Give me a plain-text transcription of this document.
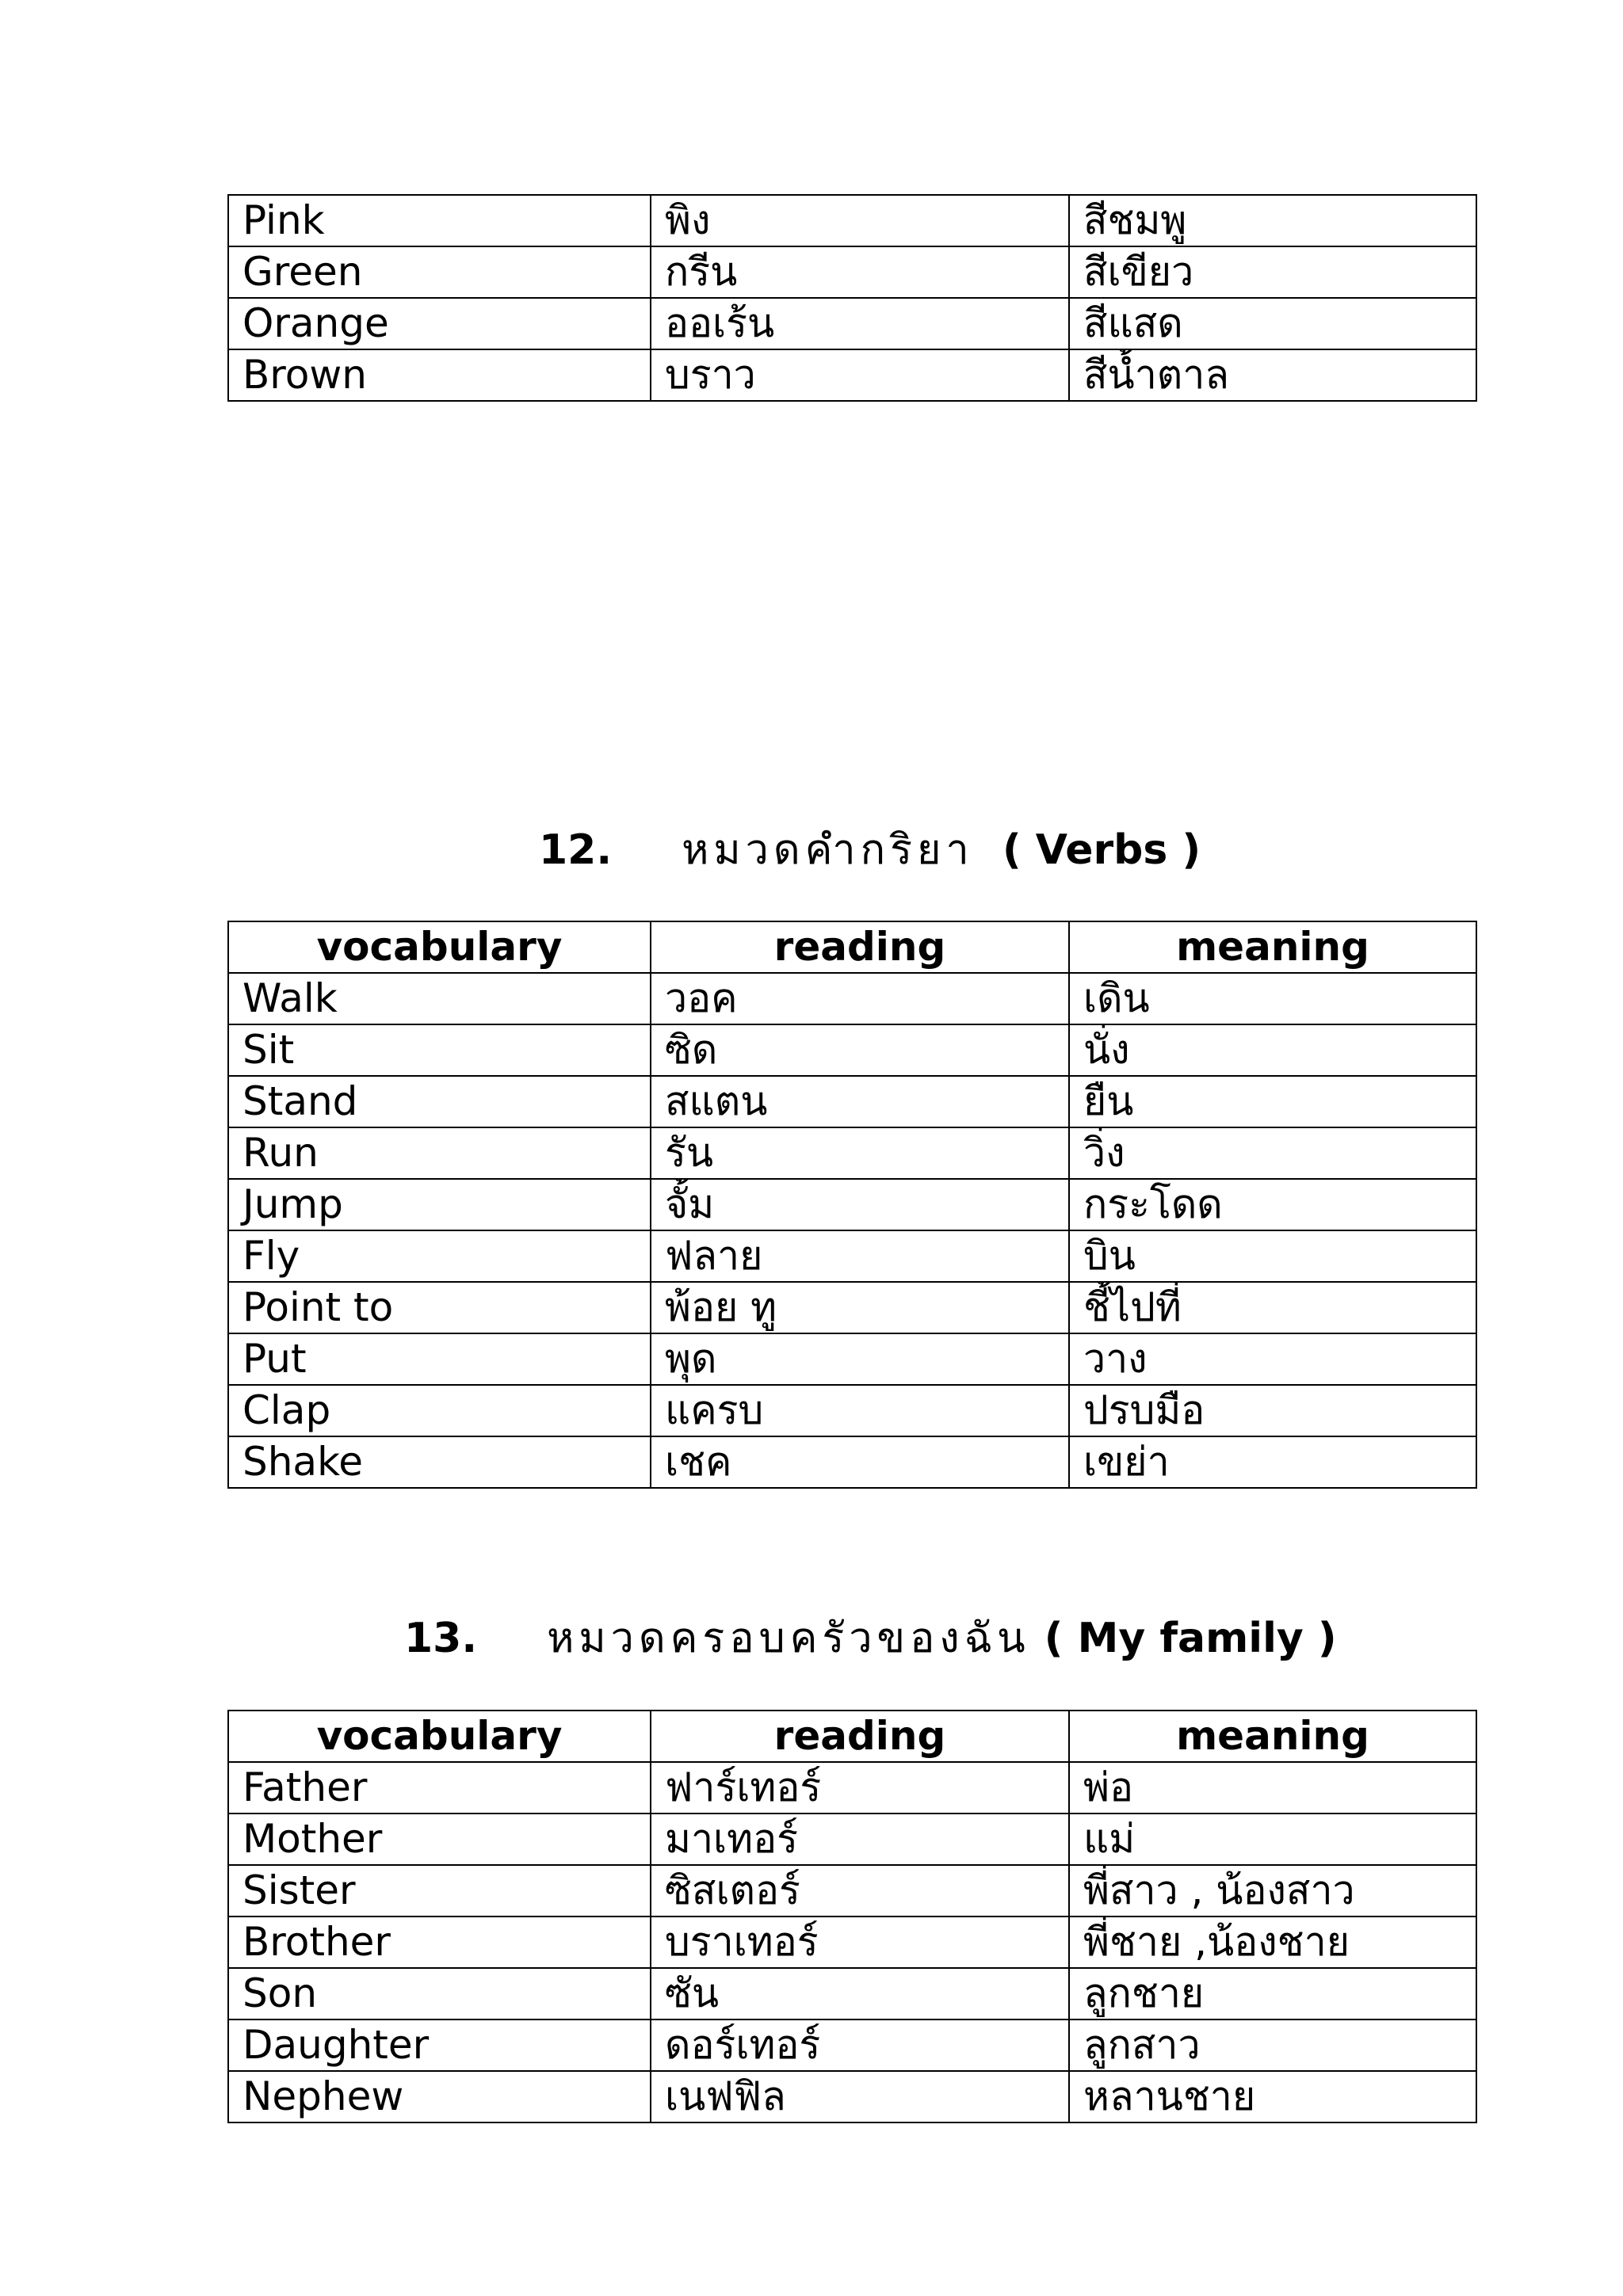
Pink	พิง	สีชมพู
Green	กรีน	สีเขียว
Orange	ออเร้น	สีแสด
Brown	บราว	สีน้ำตาล
12. หมวดคำกริยา ( Verbs )
vocabulary	reading	meaning
Walk	วอค	เดิน
Sit	ซิด	นั่ง
Stand	สแตน	ยืน
Run	รัน	วิ่ง
Jump	จั้ม	กระโดด
Fly	ฟลาย	บิน
Point to	พ้อย ทู	ชี้ไปที่
Put	พุด	วาง
Clap	แครบ	ปรบมือ
Shake	เชค	เขย่า
13. หมวดครอบครัวของฉัน ( My family )
vocabulary	reading	meaning
Father	ฟาร์เทอร์	พ่อ
Mother	มาเทอร์	แม่
Sister	ซิสเตอร์	พี่สาว , น้องสาว
Brother	บราเทอร์	พี่ชาย ,น้องชาย
Son	ซัน	ลูกชาย
Daughter	ดอร์เทอร์	ลูกสาว
Nephew	เนฟฟิล	หลานชาย
